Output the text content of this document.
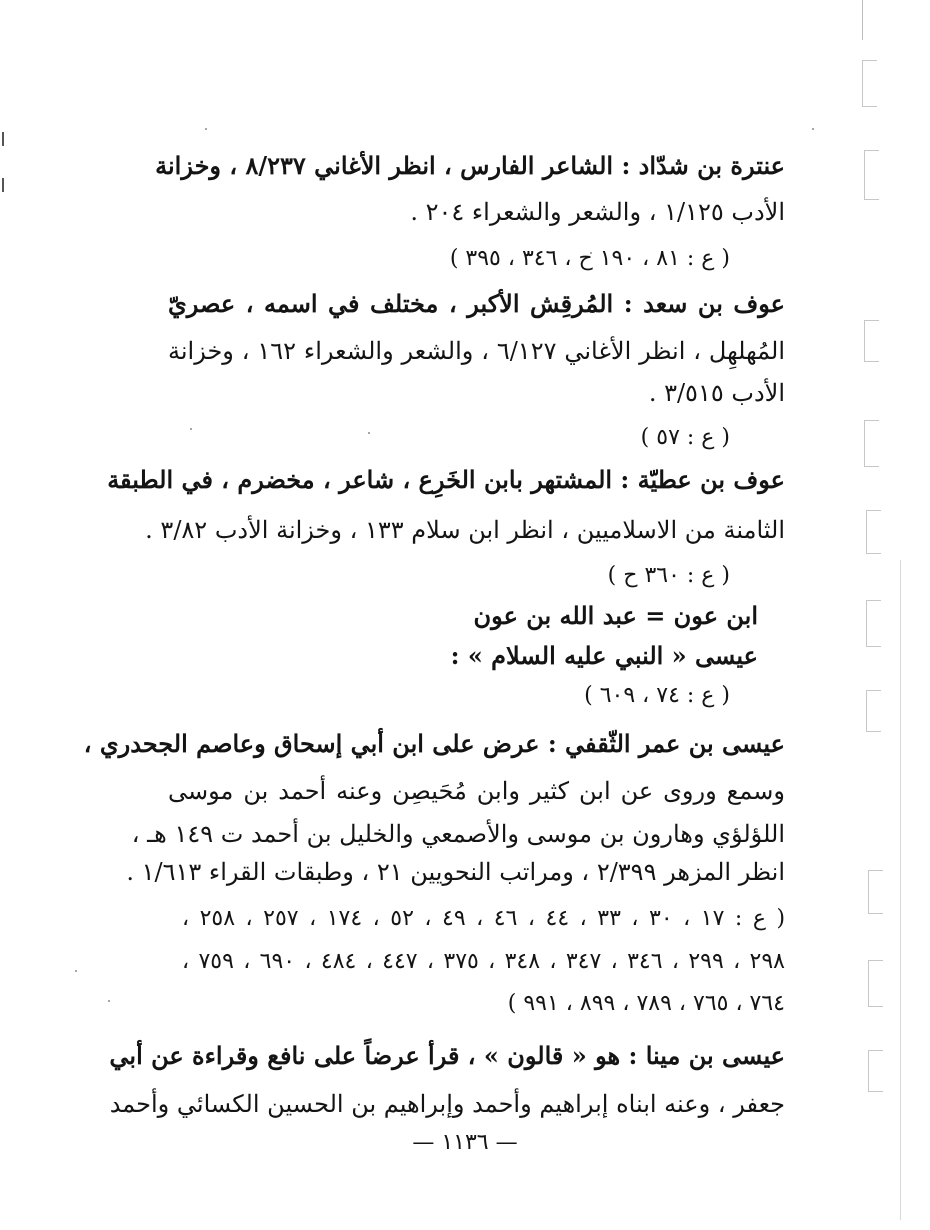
عنترة بن شدّاد : الشاعر الفارس ، انظر الأغاني ٨/٢٣٧ ، وخزانة
الأدب ١/١٢٥ ، والشعر والشعراء ٢٠٤ .
( ع : ٨١ ، ١٩٠ ح ، ٣٤٦ ، ٣٩٥ )
عوف بن سعد : المُرقِش الأكبر ، مختلف في اسمه ، عصريّ
المُهلهِل ، انظر الأغاني ٦/١٢٧ ، والشعر والشعراء ١٦٢ ، وخزانة
الأدب ٣/٥١٥ .
( ع : ٥٧ )
عوف بن عطيّة : المشتهر بابن الخَرِع ، شاعر ، مخضرم ، في الطبقة
الثامنة من الاسلاميين ، انظر ابن سلام ١٣٣ ، وخزانة الأدب ٣/٨٢ .
( ع : ٣٦٠ ح )
ابن عون = عبد الله بن عون
عيسى « النبي عليه السلام » :
( ع : ٧٤ ، ٦٠٩ )
عيسى بن عمر الثّقفي : عرض على ابن أبي إسحاق وعاصم الجحدري ،
وسمع وروى عن ابن كثير وابن مُحَيصِن وعنه أحمد بن موسى
اللؤلؤي وهارون بن موسى والأصمعي والخليل بن أحمد ت ١٤٩ هـ ،
انظر المزهر ٢/٣٩٩ ، ومراتب النحويين ٢١ ، وطبقات القراء ١/٦١٣ .
( ع : ١٧ ، ٣٠ ، ٣٣ ، ٤٤ ، ٤٦ ، ٤٩ ، ٥٢ ، ١٧٤ ، ٢٥٧ ، ٢٥٨ ،
٢٩٨ ، ٢٩٩ ، ٣٤٦ ، ٣٤٧ ، ٣٤٨ ، ٣٧٥ ، ٤٤٧ ، ٤٨٤ ، ٦٩٠ ، ٧٥٩ ،
٧٦٤ ، ٧٦٥ ، ٧٨٩ ، ٨٩٩ ، ٩٩١ )
عيسى بن مينا : هو « قالون » ، قرأ عرضاً على نافع وقراءة عن أبي
جعفر ، وعنه ابناه إبراهيم وأحمد وإبراهيم بن الحسين الكسائي وأحمد
— ١١٣٦ —
